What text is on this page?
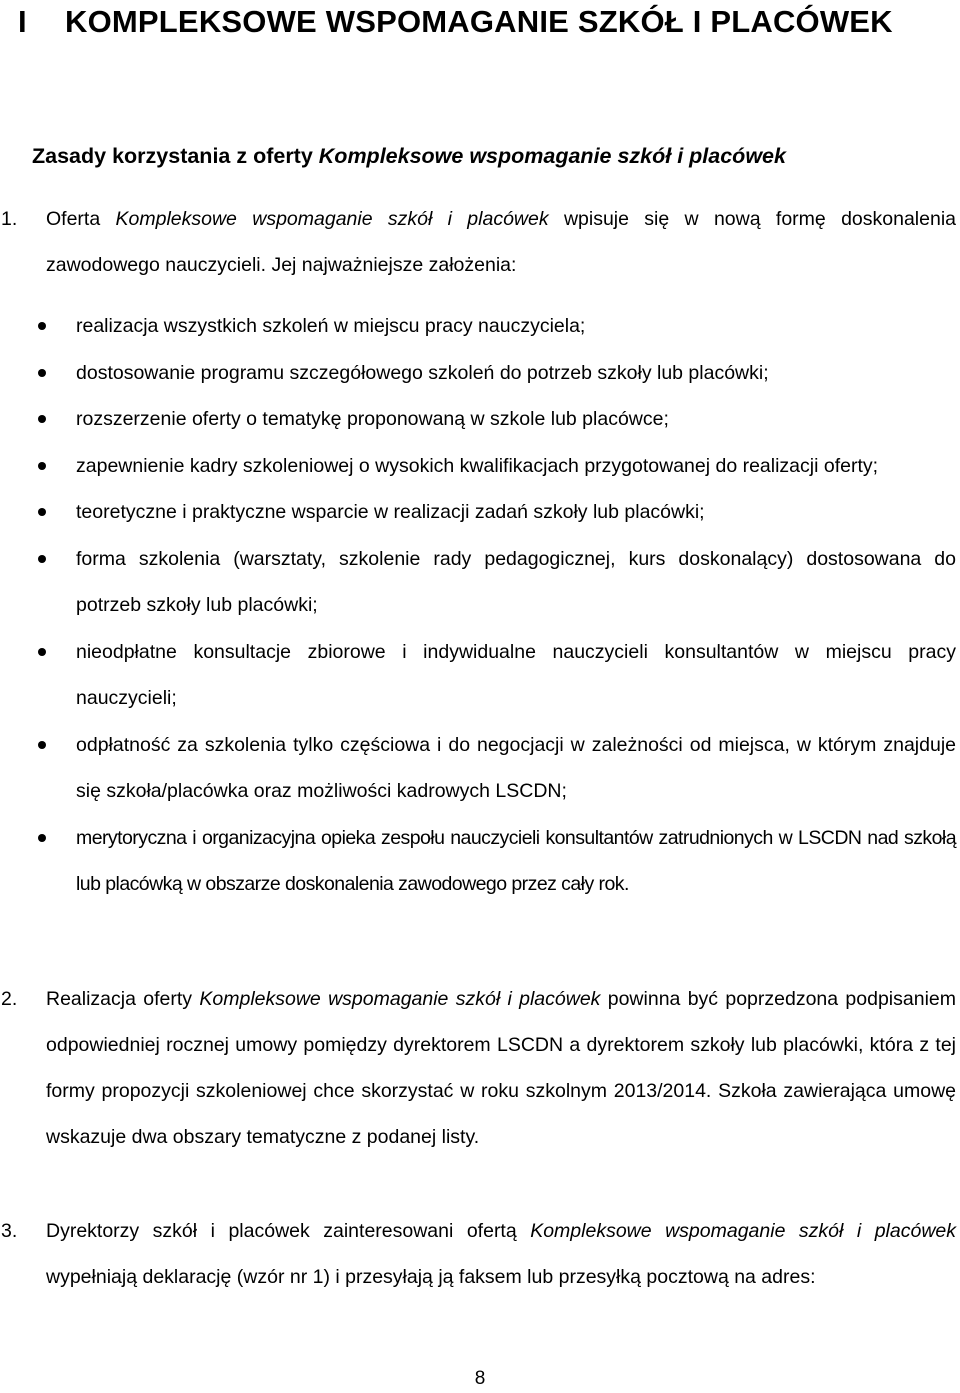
I KOMPLEKSOWE WSPOMAGANIE SZKÓŁ I PLACÓWEK
Zasady korzystania z oferty Kompleksowe wspomaganie szkół i placówek
1. Oferta Kompleksowe wspomaganie szkół i placówek wpisuje się w nową formę doskonalenia zawodowego nauczycieli. Jej najważniejsze założenia:
realizacja wszystkich szkoleń w miejscu pracy nauczyciela;
dostosowanie programu szczegółowego szkoleń do potrzeb szkoły lub placówki;
rozszerzenie oferty o tematykę proponowaną w szkole lub placówce;
zapewnienie kadry szkoleniowej o wysokich kwalifikacjach przygotowanej do realizacji oferty;
teoretyczne i praktyczne wsparcie w realizacji zadań szkoły lub placówki;
forma szkolenia (warsztaty, szkolenie rady pedagogicznej, kurs doskonalący) dostosowana do potrzeb szkoły lub placówki;
nieodpłatne konsultacje zbiorowe i indywidualne nauczycieli konsultantów w miejscu pracy nauczycieli;
odpłatność za szkolenia tylko częściowa i do negocjacji w zależności od miejsca, w którym znajduje się szkoła/placówka oraz możliwości kadrowych LSCDN;
merytoryczna i organizacyjna opieka zespołu nauczycieli konsultantów zatrudnionych w LSCDN nad szkołą lub placówką w obszarze doskonalenia zawodowego przez cały rok.
2. Realizacja oferty Kompleksowe wspomaganie szkół i placówek powinna być poprzedzona podpisaniem odpowiedniej rocznej umowy pomiędzy dyrektorem LSCDN a dyrektorem szkoły lub placówki, która z tej formy propozycji szkoleniowej chce skorzystać w roku szkolnym 2013/2014. Szkoła zawierająca umowę wskazuje dwa obszary tematyczne z podanej listy.
3. Dyrektorzy szkół i placówek zainteresowani ofertą Kompleksowe wspomaganie szkół i placówek wypełniają deklarację (wzór nr 1) i przesyłają ją faksem lub przesyłką pocztową na adres:
8
